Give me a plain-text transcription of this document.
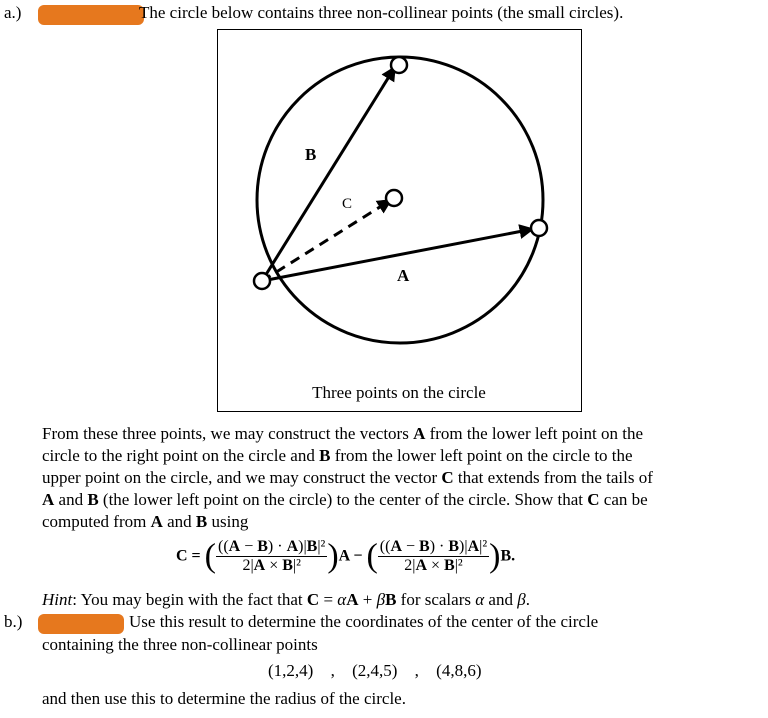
a.)	The circle below contains three non-collinear points (the small circles).
B
C
A
Three points on the circle
From these three points, we may construct the vectors A from the lower left point on the
circle to the right point on the circle and B from the lower left point on the circle to the
upper point on the circle, and we may construct the vector C that extends from the tails of
A and B (the lower left point on the circle) to the center of the circle. Show that C can be
computed from A and B using
C = ( $\frac{\text{((A − B) · A)|B|²}}{\text{2|A × B|²}} )A$ − ( $\frac{\text{((A − B) · B)|A|²}}{\text{2|A × B|²}} )B$.
Hint: You may begin with the fact that C = αA + βB for scalars α and β.
b.)	Use this result to determine the coordinates of the center of the circle
containing the three non-collinear points
(1,2,4) , (2,4,5) , (4,8,6)
and then use this to determine the radius of the circle.
